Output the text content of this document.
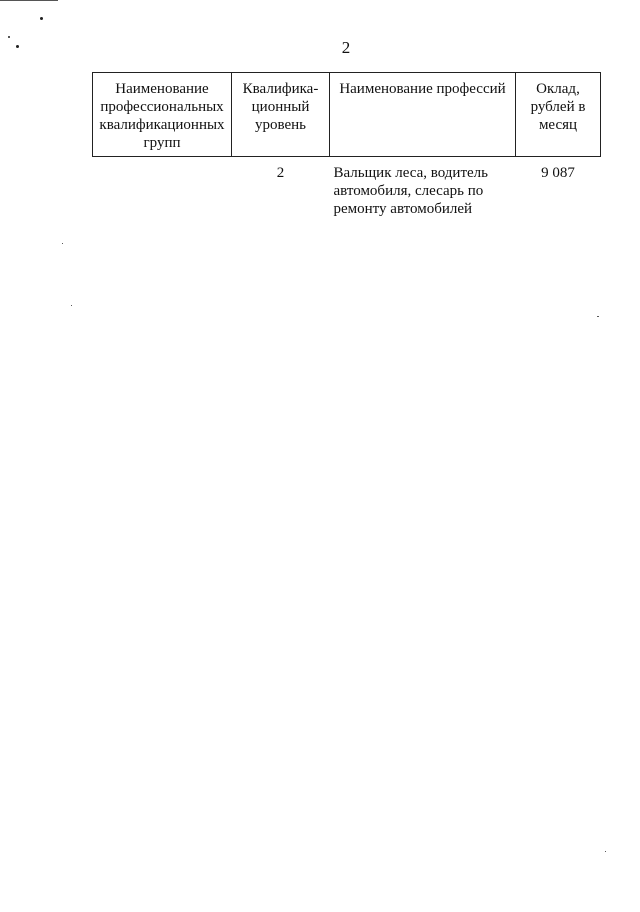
2
Наименование профессиональных квалификационных групп	Квалифика-ционный уровень	Наименование профессий	Оклад, рублей в месяц
	2	Вальщик леса, водитель автомобиля, слесарь по ремонту автомобилей	9 087
